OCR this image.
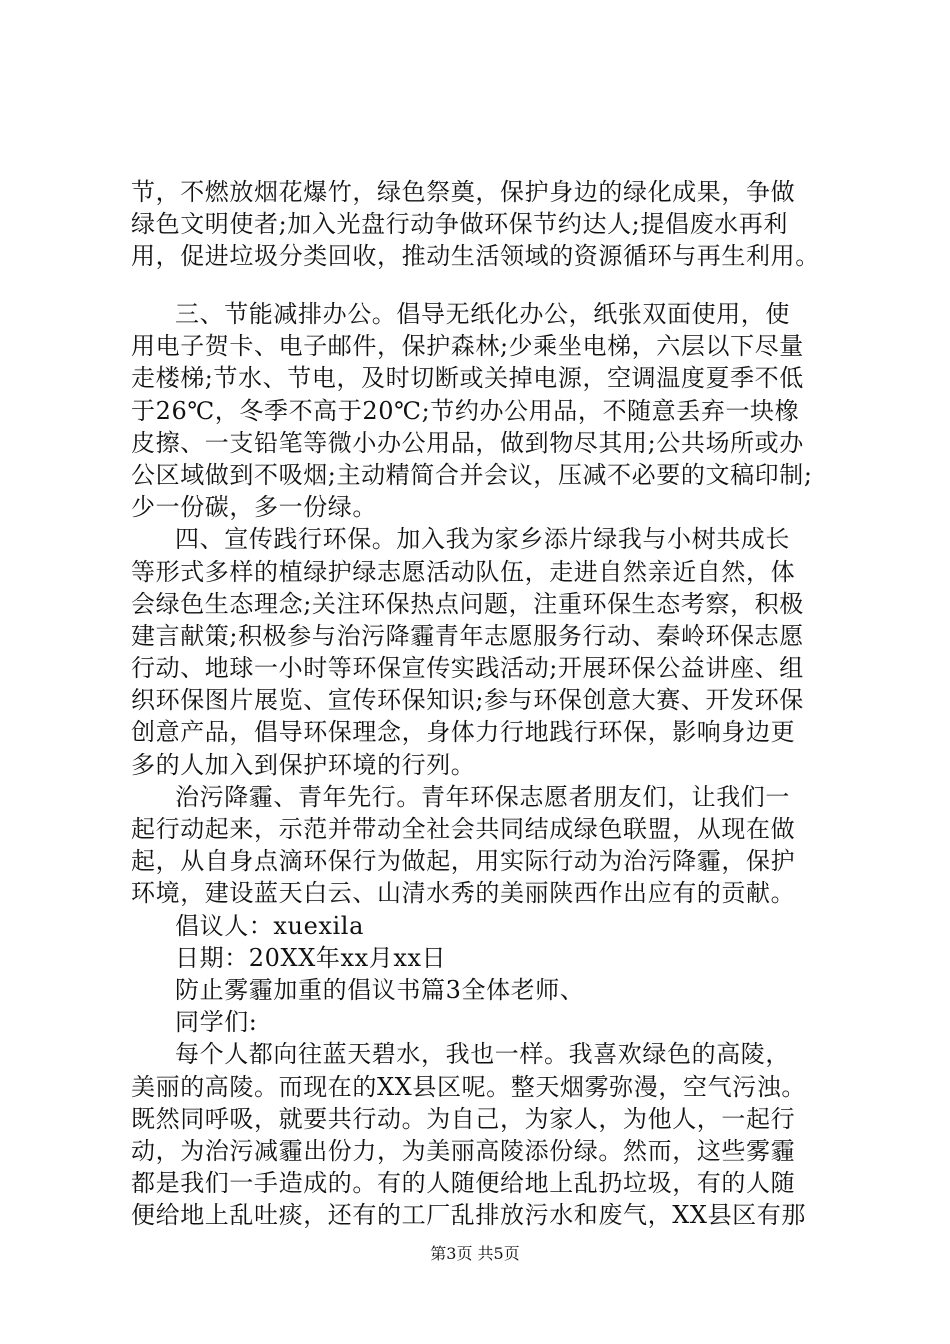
节，不燃放烟花爆竹，绿色祭奠，保护身边的绿化成果，争做
绿色文明使者;加入光盘行动争做环保节约达人;提倡废水再利
用，促进垃圾分类回收，推动生活领域的资源循环与再生利用。
三、节能减排办公。倡导无纸化办公，纸张双面使用，使
用电子贺卡、电子邮件，保护森林;少乘坐电梯，六层以下尽量
走楼梯;节水、节电，及时切断或关掉电源，空调温度夏季不低
于26℃，冬季不高于20℃;节约办公用品，不随意丢弃一块橡
皮擦、一支铅笔等微小办公用品，做到物尽其用;公共场所或办
公区域做到不吸烟;主动精简合并会议，压减不必要的文稿印制;
少一份碳，多一份绿。
四、宣传践行环保。加入我为家乡添片绿我与小树共成长
等形式多样的植绿护绿志愿活动队伍，走进自然亲近自然，体
会绿色生态理念;关注环保热点问题，注重环保生态考察，积极
建言献策;积极参与治污降霾青年志愿服务行动、秦岭环保志愿
行动、地球一小时等环保宣传实践活动;开展环保公益讲座、组
织环保图片展览、宣传环保知识;参与环保创意大赛、开发环保
创意产品，倡导环保理念，身体力行地践行环保，影响身边更
多的人加入到保护环境的行列。
治污降霾、青年先行。青年环保志愿者朋友们，让我们一
起行动起来，示范并带动全社会共同结成绿色联盟，从现在做
起，从自身点滴环保行为做起，用实际行动为治污降霾，保护
环境，建设蓝天白云、山清水秀的美丽陕西作出应有的贡献。
倡议人：xuexila
日期：20XX年xx月xx日
防止雾霾加重的倡议书篇3全体老师、
同学们:
每个人都向往蓝天碧水，我也一样。我喜欢绿色的高陵，
美丽的高陵。而现在的XX县区呢。整天烟雾弥漫，空气污浊。
既然同呼吸，就要共行动。为自己，为家人，为他人，一起行
动，为治污减霾出份力，为美丽高陵添份绿。然而，这些雾霾
都是我们一手造成的。有的人随便给地上乱扔垃圾，有的人随
便给地上乱吐痰，还有的工厂乱排放污水和废气，XX县区有那
第3页 共5页
